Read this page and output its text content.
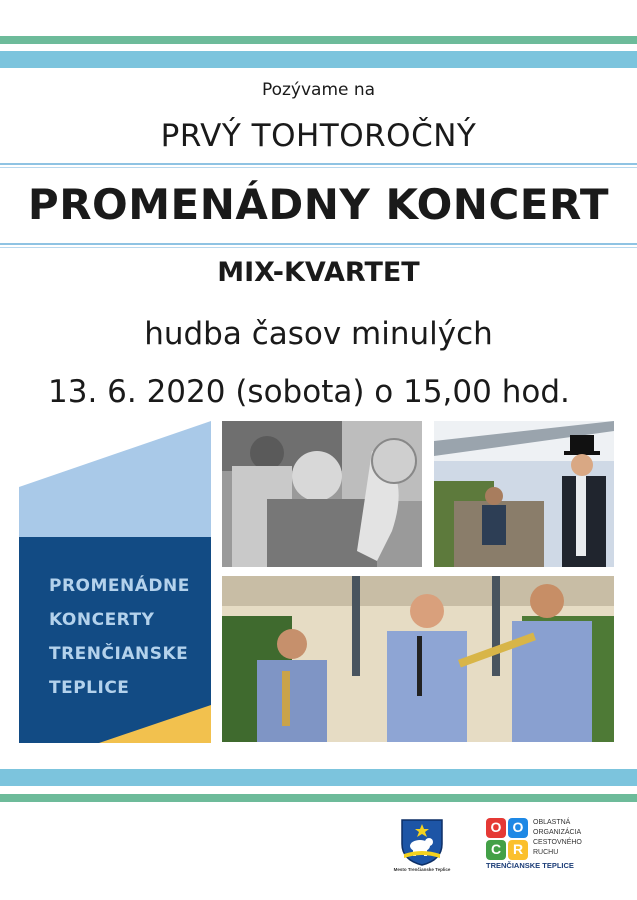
Pozývame na
PRVÝ TOHTOROČNÝ
PROMENÁDNY KONCERT
MIX-KVARTET
hudba časov minulých
13. 6. 2020 (sobota) o 15,00 hod.
PROMENÁDNE
KONCERTY
TRENČIANSKE
TEPLICE
Mesto Trenčianske Teplice
O O
C R
OBLASTNÁ
ORGANIZÁCIA
CESTOVNÉHO
RUCHU
TRENČIANSKE TEPLICE
